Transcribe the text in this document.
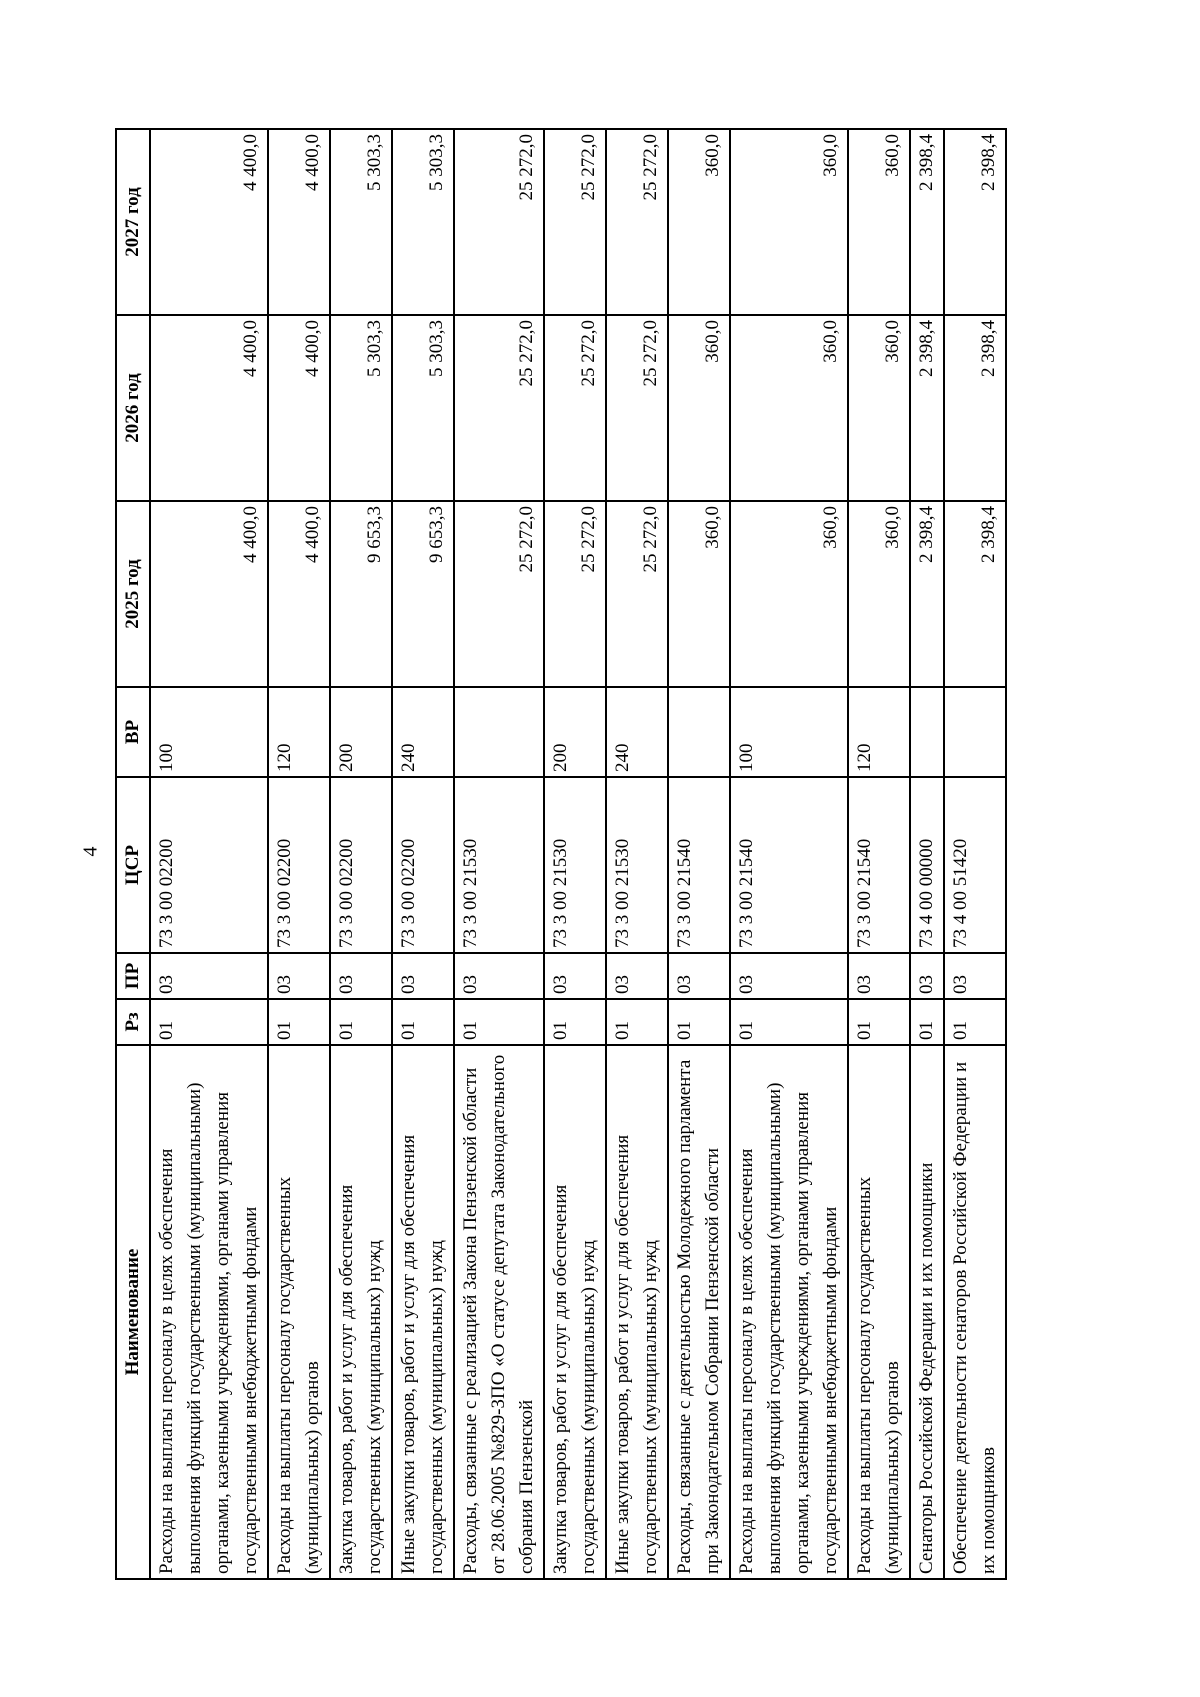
4
Наименование	Рз	ПР	ЦСР	ВР	2025 год	2026 год	2027 год
Расходы на выплаты персоналу в целях обеспечения выполнения функций государственными (муниципальными) органами, казенными учреждениями, органами управления государственными внебюджетными фондами	01	03	73 3 00 02200	100	4 400,0	4 400,0	4 400,0
Расходы на выплаты персоналу государственных (муниципальных) органов	01	03	73 3 00 02200	120	4 400,0	4 400,0	4 400,0
Закупка товаров, работ и услуг для обеспечения государственных (муниципальных) нужд	01	03	73 3 00 02200	200	9 653,3	5 303,3	5 303,3
Иные закупки товаров, работ и услуг для обеспечения государственных (муниципальных) нужд	01	03	73 3 00 02200	240	9 653,3	5 303,3	5 303,3
Расходы, связанные с реализацией Закона Пензенской области от 28.06.2005 №829-ЗПО «О статусе депутата Законодательного собрания Пензенской	01	03	73 3 00 21530		25 272,0	25 272,0	25 272,0
Закупка товаров, работ и услуг для обеспечения государственных (муниципальных) нужд	01	03	73 3 00 21530	200	25 272,0	25 272,0	25 272,0
Иные закупки товаров, работ и услуг для обеспечения государственных (муниципальных) нужд	01	03	73 3 00 21530	240	25 272,0	25 272,0	25 272,0
Расходы, связанные с деятельностью Молодежного парламента при Законодательном Собрании Пензенской области	01	03	73 3 00 21540		360,0	360,0	360,0
Расходы на выплаты персоналу в целях обеспечения выполнения функций государственными (муниципальными) органами, казенными учреждениями, органами управления государственными внебюджетными фондами	01	03	73 3 00 21540	100	360,0	360,0	360,0
Расходы на выплаты персоналу государственных (муниципальных) органов	01	03	73 3 00 21540	120	360,0	360,0	360,0
Сенаторы Российской Федерации и их помощники	01	03	73 4 00 00000		2 398,4	2 398,4	2 398,4
Обеспечение деятельности сенаторов Российской Федерации и их помощников	01	03	73 4 00 51420		2 398,4	2 398,4	2 398,4
